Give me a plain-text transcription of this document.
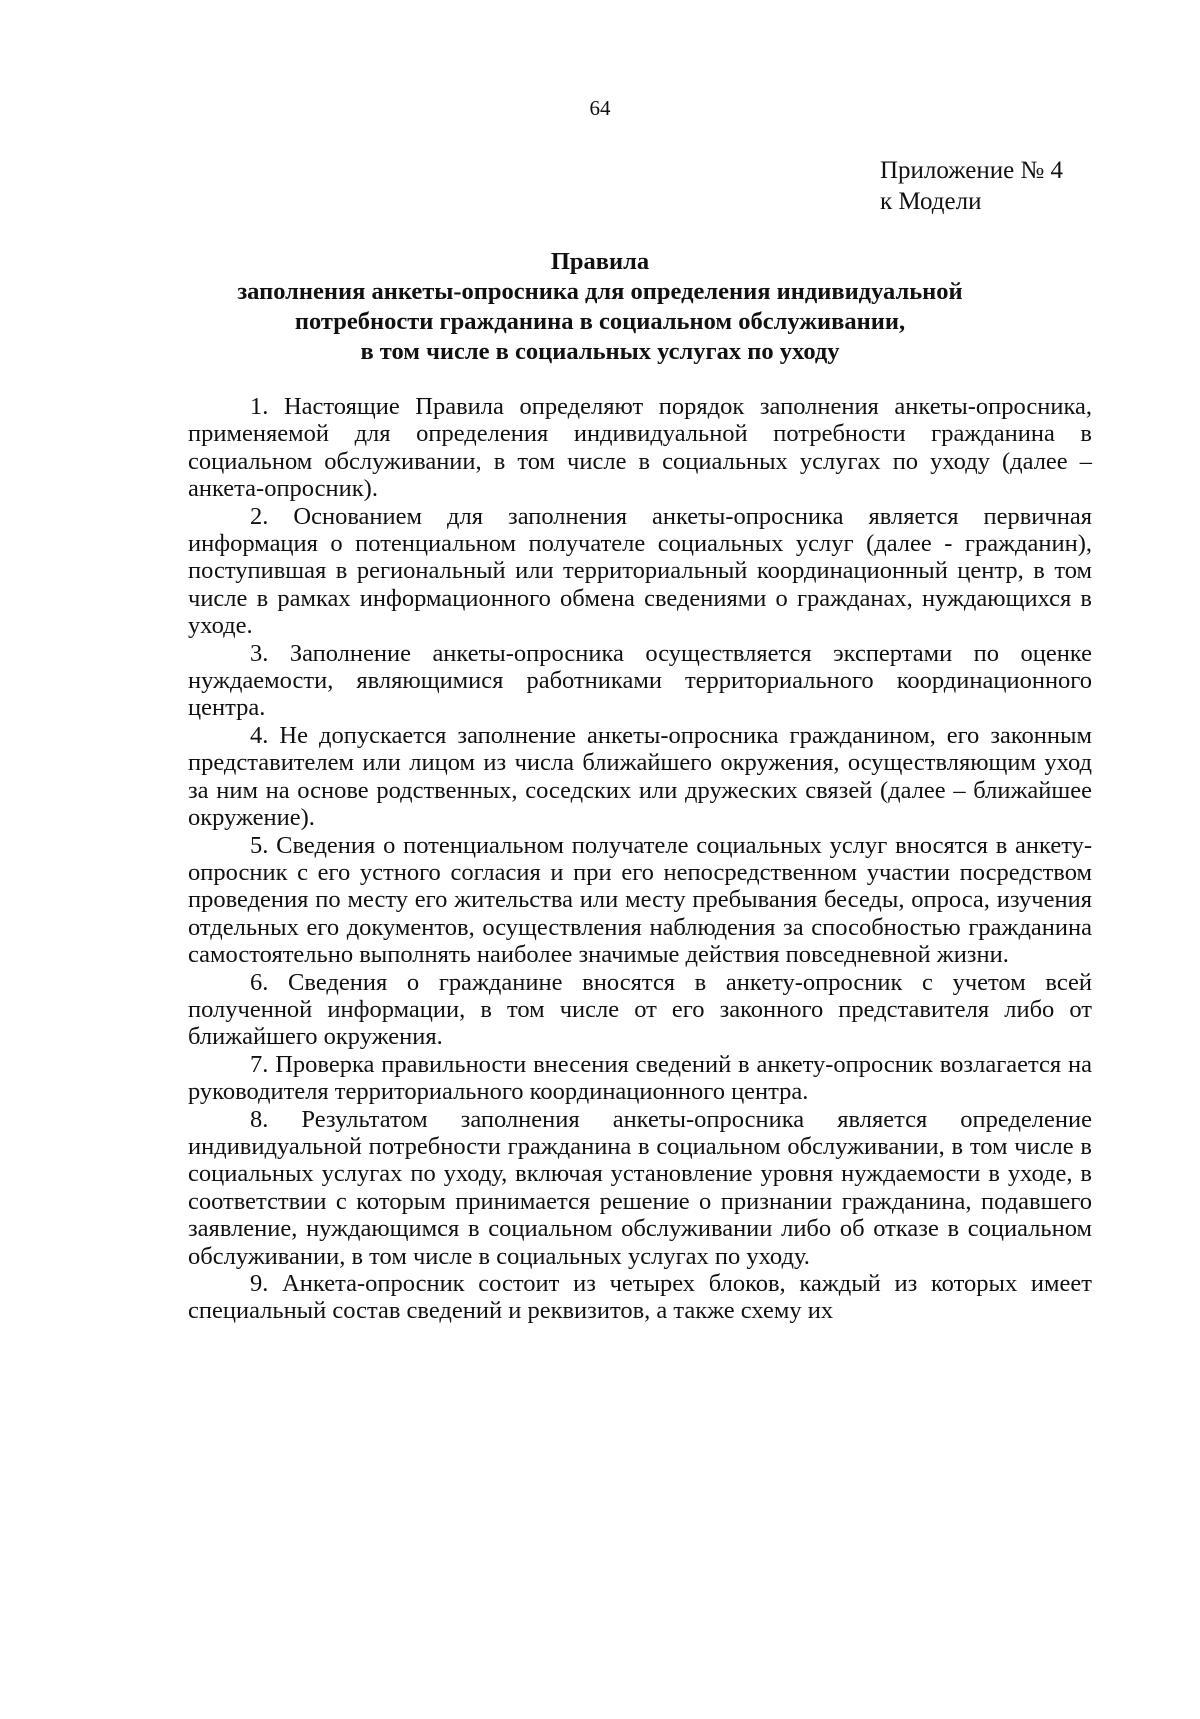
64
Приложение № 4
к Модели
Правила
заполнения анкеты-опросника для определения индивидуальной
потребности гражданина в социальном обслуживании,
в том числе в социальных услугах по уходу

1. Настоящие Правила определяют порядок заполнения анкеты-опросника, применяемой для определения индивидуальной потребности гражданина в социальном обслуживании, в том числе в социальных услугах по уходу (далее – анкета-опросник).

2. Основанием для заполнения анкеты-опросника является первичная информация о потенциальном получателе социальных услуг (далее - гражданин), поступившая в региональный или территориальный координационный центр, в том числе в рамках информационного обмена сведениями о гражданах, нуждающихся в уходе.

3. Заполнение анкеты-опросника осуществляется экспертами по оценке нуждаемости, являющимися работниками территориального координационного центра.

4. Не допускается заполнение анкеты-опросника гражданином, его законным представителем или лицом из числа ближайшего окружения, осуществляющим уход за ним на основе родственных, соседских или дружеских связей (далее – ближайшее окружение).

5. Сведения о потенциальном получателе социальных услуг вносятся в анкету-опросник с его устного согласия и при его непосредственном участии посредством проведения по месту его жительства или месту пребывания беседы, опроса, изучения отдельных его документов, осуществления наблюдения за способностью гражданина самостоятельно выполнять наиболее значимые действия повседневной жизни.

6. Сведения о гражданине вносятся в анкету-опросник с учетом всей полученной информации, в том числе от его законного представителя либо от ближайшего окружения.

7. Проверка правильности внесения сведений в анкету-опросник возлагается на руководителя территориального координационного центра.

8. Результатом заполнения анкеты-опросника является определение индивидуальной потребности гражданина в социальном обслуживании, в том числе в социальных услугах по уходу, включая установление уровня нуждаемости в уходе, в соответствии с которым принимается решение о признании гражданина, подавшего заявление, нуждающимся в социальном обслуживании либо об отказе в социальном обслуживании, в том числе в социальных услугах по уходу.

9. Анкета-опросник состоит из четырех блоков, каждый из которых имеет специальный состав сведений и реквизитов, а также схему их
